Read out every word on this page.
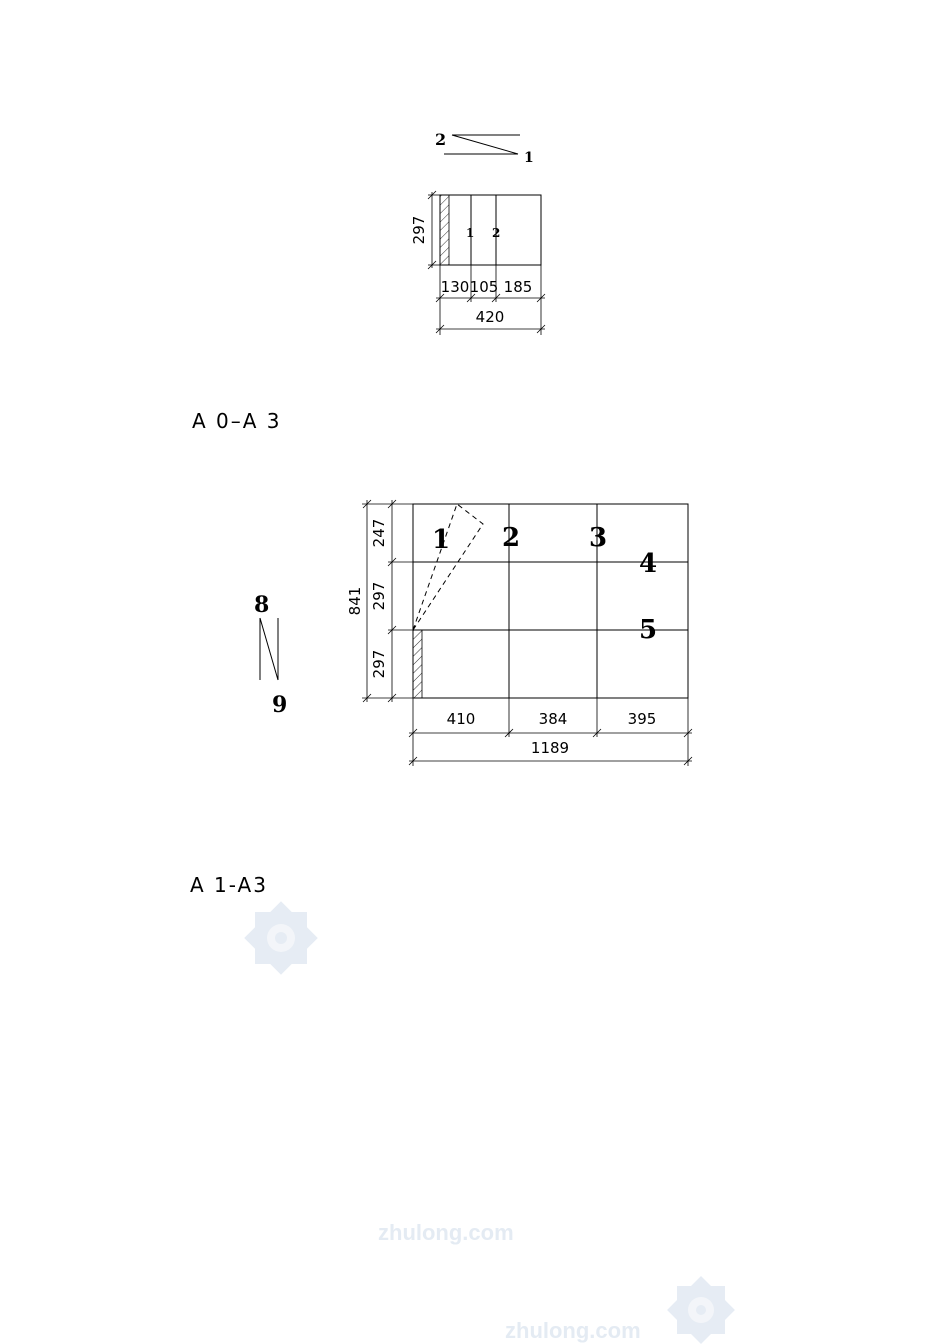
2
1
1 2
297
130 105 185
420
A 0–A 3
8
9
1 2	3
4
5
841
247
297
297
410	384	395
1189
A 1-A3
zhulong.com
zhulong.com
